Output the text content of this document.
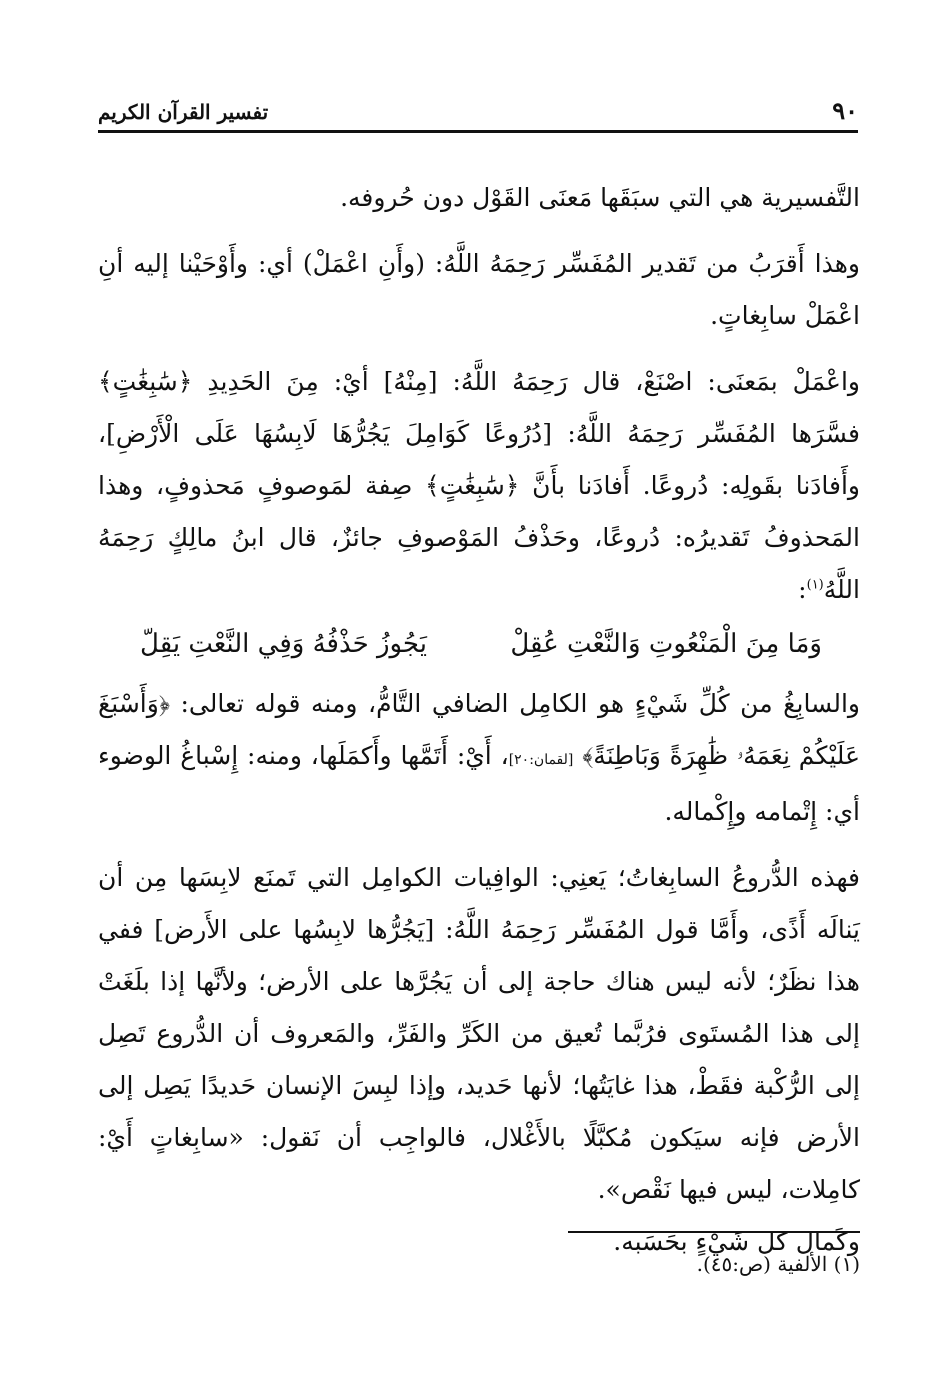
٩٠
تفسير القرآن الكريم

التَّفسيرية هي التي سبَقَها مَعنَى القَوْل دون حُروفه.

وهذا أَقرَبُ من تَقدير المُفَسِّر رَحِمَهُ اللَّهُ: (وأَنِ اعْمَلْ) أي: وأَوْحَيْنا إليه أنِ اعْمَلْ سابِغاتٍ.

واعْمَلْ بمَعنَى: اصْنَعْ، قال رَحِمَهُ اللَّهُ: [مِنْهُ] أيْ: مِنَ الحَدِيدِ ﴿سَٰبِغَٰتٍ﴾ فسَّرَها المُفَسِّر رَحِمَهُ اللَّهُ: [دُرُوعًا كَوَامِلَ يَجُرُّهَا لَابِسُهَا عَلَى الْأَرْضِ]، وأَفادَنا بقَولِه: دُروعًا. أَفادَنا بأَنَّ ﴿سَٰبِغَٰتٍ﴾ صِفة لمَوصوفٍ مَحذوفٍ، وهذا المَحذوفُ تَقديرُه: دُروعًا، وحَذْفُ المَوْصوفِ جائزٌ، قال ابنُ مالِكٍ رَحِمَهُ اللَّهُ$^{(١)}$:

وَمَا مِنَ الْمَنْعُوتِ وَالنَّعْتِ عُقِلْ
يَجُوزُ حَذْفُهُ وَفِي النَّعْتِ يَقِلّ

والسابِغُ من كُلِّ شَيْءٍ هو الكامِل الضافي التَّامُّ، ومنه قوله تعالى: ﴿وَأَسْبَغَ عَلَيْكُمْ نِعَمَهُۥ ظَٰهِرَةً وَبَاطِنَةً﴾ [لقمان:٢٠]، أَيْ: أَتَمَّها وأَكمَلَها، ومنه: إِسْباغُ الوضوء أي: إِتْمامه وإِكْماله.

فهذه الدُّروعُ السابِغاتُ؛ يَعنِي: الوافِيات الكوامِل التي تَمنَع لابِسَها مِن أن يَنالَه أَذًى، وأَمَّا قول المُفَسِّر رَحِمَهُ اللَّهُ: [يَجُرُّها لابِسُها على الأَرض] ففي هذا نظَرٌ؛ لأنه ليس هناك حاجة إلى أن يَجُرَّها على الأرض؛ ولأنَّها إذا بلَغَتْ إلى هذا المُستَوى فرُبَّما تُعيق من الكَرِّ والفَرِّ، والمَعروف أن الدُّروع تَصِل إلى الرُّكْبة فقَطْ، هذا غايَتُها؛ لأنها حَديد، وإذا لبِسَ الإنسان حَديدًا يَصِل إلى الأرض فإنه سيَكون مُكبَّلًا بالأَغْلال، فالواجِب أن نَقول: «سابِغاتٍ أَيْ: كامِلات، ليس فيها نَقْص».

وكَمال كل شَيْءٍ بحَسَبه.

(١) الألفية (ص:٤٥).
